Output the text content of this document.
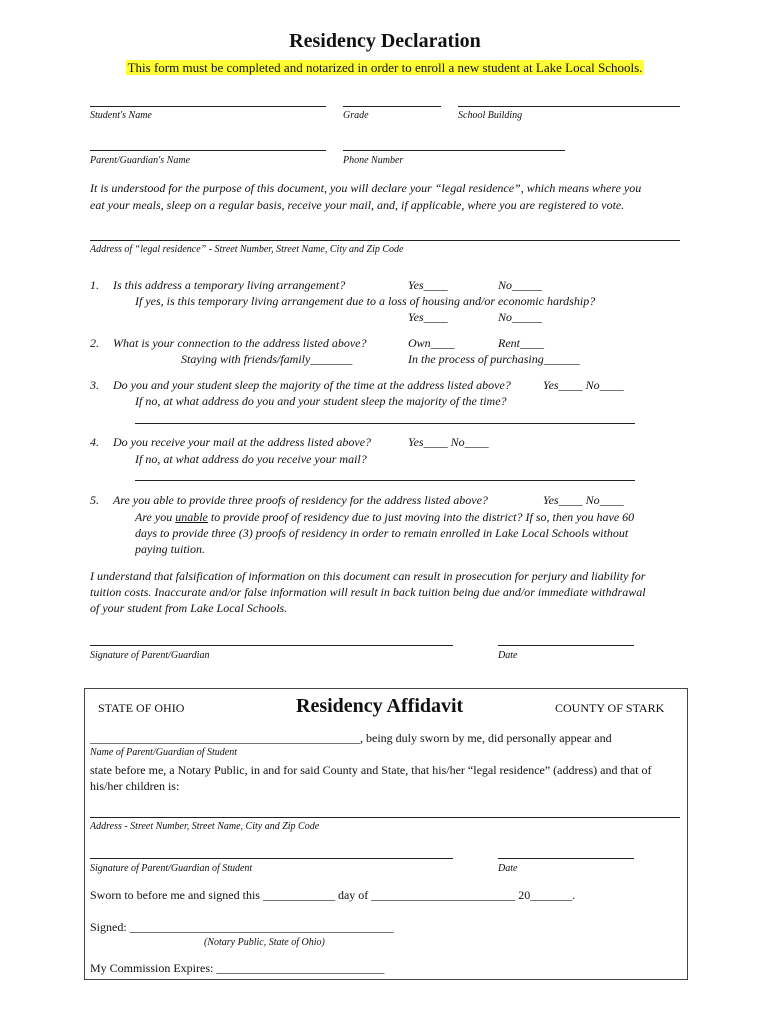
Residency Declaration
This form must be completed and notarized in order to enroll a new student at Lake Local Schools.
Student's Name	Grade	School Building
Parent/Guardian's Name	Phone Number
It is understood for the purpose of this document, you will declare your “legal residence”, which means where you
eat your meals, sleep on a regular basis, receive your mail, and, if applicable, where you are registered to vote.
Address of “legal residence” - Street Number, Street Name, City and Zip Code
1. Is this address a temporary living arrangement?	Yes____	No_____
If yes, is this temporary living arrangement due to a loss of housing and/or economic hardship?
Yes____	No_____
2. What is your connection to the address listed above?	Own____	Rent____
Staying with friends/family_______	In the process of purchasing______
3. Do you and your student sleep the majority of the time at the address listed above?	Yes____ No____
If no, at what address do you and your student sleep the majority of the time?
4. Do you receive your mail at the address listed above?	Yes____ No____
If no, at what address do you receive your mail?
5. Are you able to provide three proofs of residency for the address listed above?	Yes____ No____
Are you unable to provide proof of residency due to just moving into the district? If so, then you have 60
days to provide three (3) proofs of residency in order to remain enrolled in Lake Local Schools without
paying tuition.
I understand that falsification of information on this document can result in prosecution for perjury and liability for
tuition costs. Inaccurate and/or false information will result in back tuition being due and/or immediate withdrawal
of your student from Lake Local Schools.
Signature of Parent/Guardian	Date
STATE OF OHIO	Residency Affidavit	COUNTY OF STARK
_____________________________________________, being duly sworn by me, did personally appear and
Name of Parent/Guardian of Student
state before me, a Notary Public, in and for said County and State, that his/her “legal residence” (address) and that of
his/her children is:
Address - Street Number, Street Name, City and Zip Code
Signature of Parent/Guardian of Student	Date
Sworn to before me and signed this ____________ day of ________________________ 20_______.
Signed: ____________________________________________
(Notary Public, State of Ohio)
My Commission Expires: ____________________________
